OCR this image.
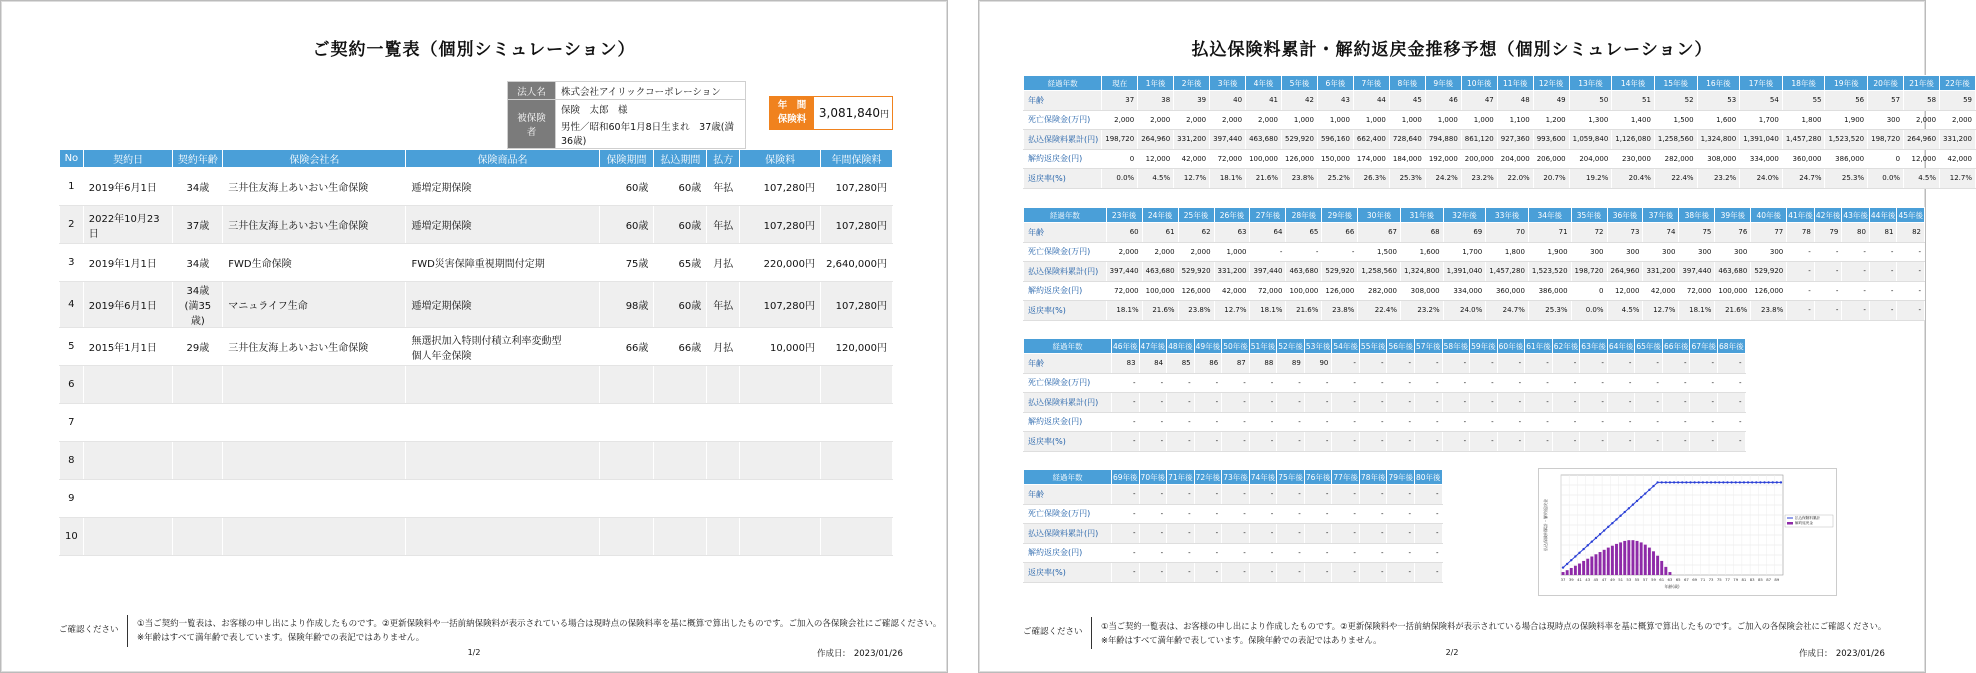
ご契約一覧表（個別シミュレーション）
法人名	株式会社アイリックコーポレーション
被保険者	保険　太郎　様
	男性／昭和60年1月8日生まれ　37歳(満36歳)
年　間
保険料	3,081,840円
No	契約日	契約年齢	保険会社名	保険商品名	保険期間	払込期間	払方	保険料	年間保険料
1	2019年6月1日	34歳	三井住友海上あいおい生命保険	逓増定期保険	60歳	60歳	年払	107,280円	107,280円
2	2022年10月23日	37歳	三井住友海上あいおい生命保険	逓増定期保険	60歳	60歳	年払	107,280円	107,280円
3	2019年1月1日	34歳	FWD生命保険	FWD災害保障重視期間付定期	75歳	65歳	月払	220,000円	2,640,000円
4	2019年6月1日	34歳
(満35歳)	マニュライフ生命	逓増定期保険	98歳	60歳	年払	107,280円	107,280円
5	2015年1月1日	29歳	三井住友海上あいおい生命保険	無選択加入特則付積立利率変動型
個人年金保険	66歳	66歳	月払	10,000円	120,000円
6									
7									
8									
9									
10									
ご確認ください
①当ご契約一覧表は、お客様の申し出により作成したものです。②更新保険料や一括前納保険料が表示されている場合は現時点の保険料率を基に概算で算出したものです。ご加入の各保険会社にご確認ください。
※年齢はすべて満年齢で表しています。保険年齢での表記ではありません。
1/2	作成日:　2023/01/26
払込保険料累計・解約返戻金推移予想（個別シミュレーション）
経過年数	現在	1年後	2年後	3年後	4年後	5年後	6年後	7年後	8年後	9年後	10年後	11年後	12年後	13年後	14年後	15年後	16年後	17年後	18年後	19年後	20年後	21年後	22年後
年齢	37	38	39	40	41	42	43	44	45	46	47	48	49	50	51	52	53	54	55	56	57	58	59
死亡保険金(万円)	2,000	2,000	2,000	2,000	2,000	1,000	1,000	1,000	1,000	1,000	1,000	1,100	1,200	1,300	1,400	1,500	1,600	1,700	1,800	1,900	300	2,000	2,000
払込保険料累計(円)	198,720	264,960	331,200	397,440	463,680	529,920	596,160	662,400	728,640	794,880	861,120	927,360	993,600	1,059,840	1,126,080	1,258,560	1,324,800	1,391,040	1,457,280	1,523,520	198,720	264,960	331,200
解約返戻金(円)	0	12,000	42,000	72,000	100,000	126,000	150,000	174,000	184,000	192,000	200,000	204,000	206,000	204,000	230,000	282,000	308,000	334,000	360,000	386,000	0	12,000	42,000
返戻率(%)	0.0%	4.5%	12.7%	18.1%	21.6%	23.8%	25.2%	26.3%	25.3%	24.2%	23.2%	22.0%	20.7%	19.2%	20.4%	22.4%	23.2%	24.0%	24.7%	25.3%	0.0%	4.5%	12.7%
経過年数	23年後	24年後	25年後	26年後	27年後	28年後	29年後	30年後	31年後	32年後	33年後	34年後	35年後	36年後	37年後	38年後	39年後	40年後	41年後	42年後	43年後	44年後	45年後
年齢	60	61	62	63	64	65	66	67	68	69	70	71	72	73	74	75	76	77	78	79	80	81	82
死亡保険金(万円)	2,000	2,000	2,000	1,000	-	-	-	1,500	1,600	1,700	1,800	1,900	300	300	300	300	300	300	-	-	-	-	-
払込保険料累計(円)	397,440	463,680	529,920	331,200	397,440	463,680	529,920	1,258,560	1,324,800	1,391,040	1,457,280	1,523,520	198,720	264,960	331,200	397,440	463,680	529,920	-	-	-	-	-
解約返戻金(円)	72,000	100,000	126,000	42,000	72,000	100,000	126,000	282,000	308,000	334,000	360,000	386,000	0	12,000	42,000	72,000	100,000	126,000	-	-	-	-	-
返戻率(%)	18.1%	21.6%	23.8%	12.7%	18.1%	21.6%	23.8%	22.4%	23.2%	24.0%	24.7%	25.3%	0.0%	4.5%	12.7%	18.1%	21.6%	23.8%	-	-	-	-	-
経過年数	46年後	47年後	48年後	49年後	50年後	51年後	52年後	53年後	54年後	55年後	56年後	57年後	58年後	59年後	60年後	61年後	62年後	63年後	64年後	65年後	66年後	67年後	68年後
年齢	83	84	85	86	87	88	89	90	-	-	-	-	-	-	-	-	-	-	-	-	-	-	-
死亡保険金(万円)	-	-	-	-	-	-	-	-	-	-	-	-	-	-	-	-	-	-	-	-	-	-	-
払込保険料累計(円)	-	-	-	-	-	-	-	-	-	-	-	-	-	-	-	-	-	-	-	-	-	-	-
解約返戻金(円)	-	-	-	-	-	-	-	-	-	-	-	-	-	-	-	-	-	-	-	-	-	-	-
返戻率(%)	-	-	-	-	-	-	-	-	-	-	-	-	-	-	-	-	-	-	-	-	-	-	-
経過年数	69年後	70年後	71年後	72年後	73年後	74年後	75年後	76年後	77年後	78年後	79年後	80年後
年齢	-	-	-	-	-	-	-	-	-	-	-	-
死亡保険金(万円)	-	-	-	-	-	-	-	-	-	-	-	-
払込保険料累計(円)	-	-	-	-	-	-	-	-	-	-	-	-
解約返戻金(円)	-	-	-	-	-	-	-	-	-	-	-	-
返戻率(%)	-	-	-	-	-	-	-	-	-	-	-	-
ご確認ください
①当ご契約一覧表は、お客様の申し出により作成したものです。②更新保険料や一括前納保険料が表示されている場合は現時点の保険料率を基に概算で算出したものです。ご加入の各保険会社にご確認ください。
※年齢はすべて満年齢で表しています。保険年齢での表記ではありません。
2/2	作成日:　2023/01/26
37 39 41 43 45 47 49 51 53 55 57 59 61 63 65 67 69 71 73 75 77 79 81 83 85 87 89
年齢(歳)
払込保険料累計・解約返戻金	払込保険料累計
解約返戻金
